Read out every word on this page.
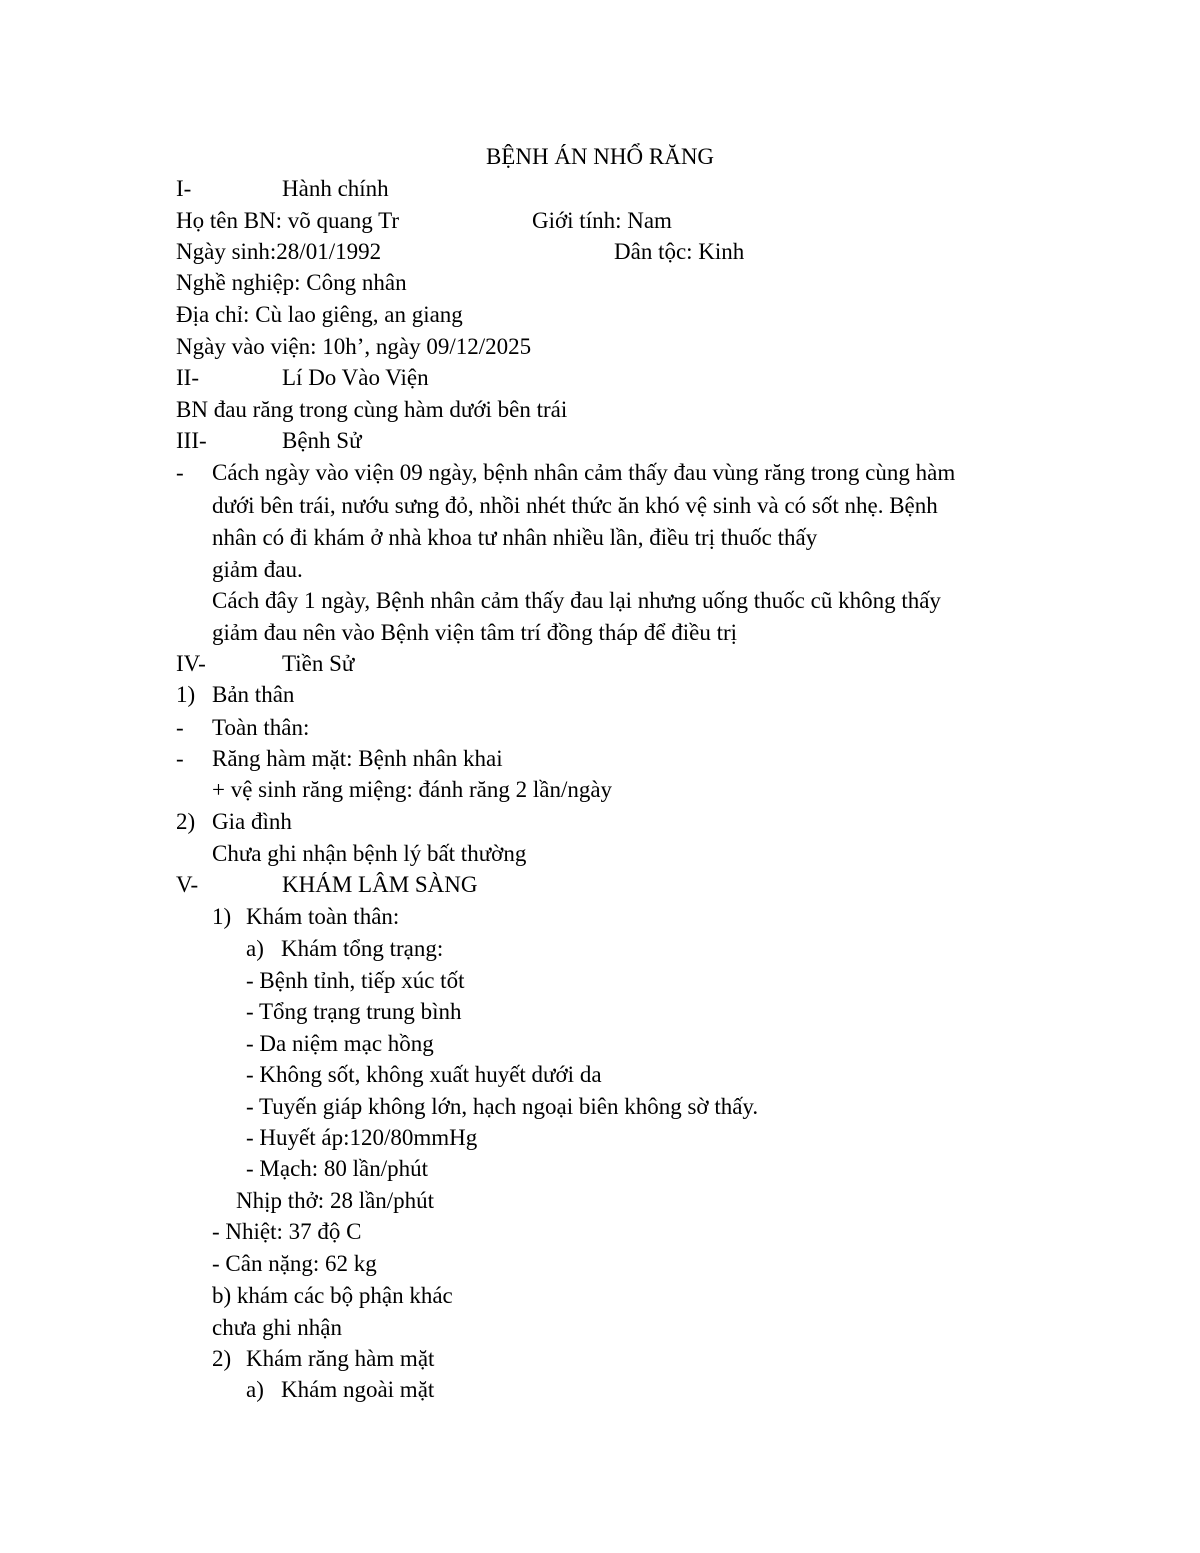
BỆNH ÁN NHỔ RĂNG
I-	Hành chính
Họ tên BN: võ quang Tr	Giới tính: Nam
Ngày sinh:28/01/1992	Dân tộc: Kinh
Nghề nghiệp: Công nhân
Địa chỉ: Cù lao giêng, an giang
Ngày vào viện: 10h’, ngày 09/12/2025
II-	Lí Do Vào Viện
BN đau răng trong cùng hàm dưới bên trái
III-	Bệnh Sử
- Cách ngày vào viện 09 ngày, bệnh nhân cảm thấy đau vùng răng trong cùng hàm
dưới bên trái, nướu sưng đỏ, nhồi nhét thức ăn khó vệ sinh và có sốt nhẹ. Bệnh
nhân có đi khám ở nhà khoa tư nhân nhiều lần, điều trị thuốc thấy
giảm đau.
Cách đây 1 ngày, Bệnh nhân cảm thấy đau lại nhưng uống thuốc cũ không thấy
giảm đau nên vào Bệnh viện tâm trí đồng tháp để điều trị
IV-	Tiền Sử
1) Bản thân
- Toàn thân:
- Răng hàm mặt: Bệnh nhân khai
+ vệ sinh răng miệng: đánh răng 2 lần/ngày
2) Gia đình
Chưa ghi nhận bệnh lý bất thường
V-	KHÁM LÂM SÀNG
1) Khám toàn thân:
a) Khám tổng trạng:
- Bệnh tỉnh, tiếp xúc tốt
- Tổng trạng trung bình
- Da niệm mạc hồng
- Không sốt, không xuất huyết dưới da
- Tuyến giáp không lớn, hạch ngoại biên không sờ thấy.
- Huyết áp:120/80mmHg
- Mạch: 80 lần/phút
Nhịp thở: 28 lần/phút
- Nhiệt: 37 độ C
- Cân nặng: 62 kg
b) khám các bộ phận khác
chưa ghi nhận
2) Khám răng hàm mặt
a) Khám ngoài mặt
